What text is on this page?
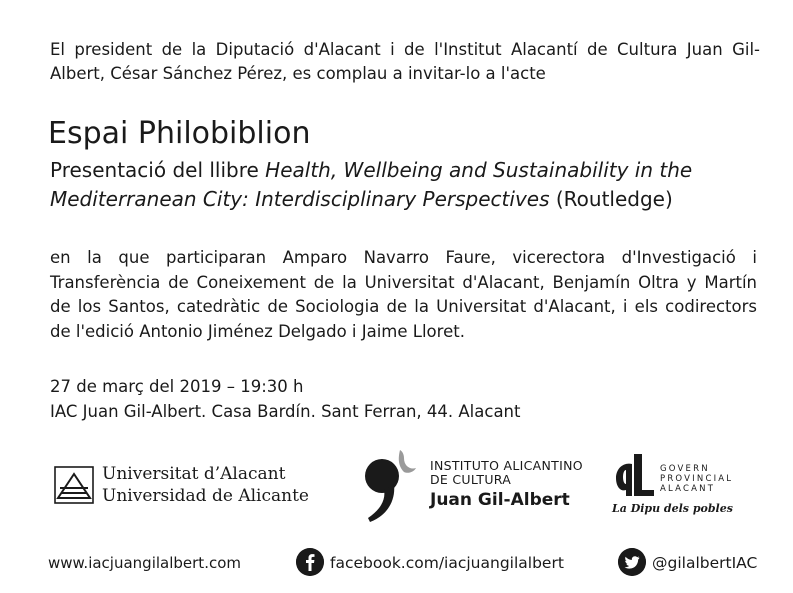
El president de la Diputació d'Alacant i de l'Institut Alacantí de Cultura Juan Gil-Albert, César Sánchez Pérez, es complau a invitar-lo a l'acte

Espai Philobiblion
Presentació del llibre Health, Wellbeing and Sustainability in the Mediterranean City: Interdisciplinary Perspectives (Routledge)

en la que participaran Amparo Navarro Faure, vicerectora d'Investigació i Transferència de Coneixement de la Universitat d'Alacant, Benjamín Oltra y Martín de los Santos, catedràtic de Sociologia de la Universitat d'Alacant, i els codirectors de l'edició Antonio Jiménez Delgado i Jaime Lloret.

27 de març del 2019 – 19:30 h
IAC Juan Gil-Albert. Casa Bardín. Sant Ferran, 44. Alacant
Universitat d’Alacant
Universidad de Alicante
INSTITUTO ALICANTINO
DE CULTURA
Juan Gil-Albert
GOVERN
PROVINCIAL
ALACANT
La Dipu dels pobles
www.iacjuangilalbert.com	facebook.com/iacjuangilalbert	@gilalbertIAC
